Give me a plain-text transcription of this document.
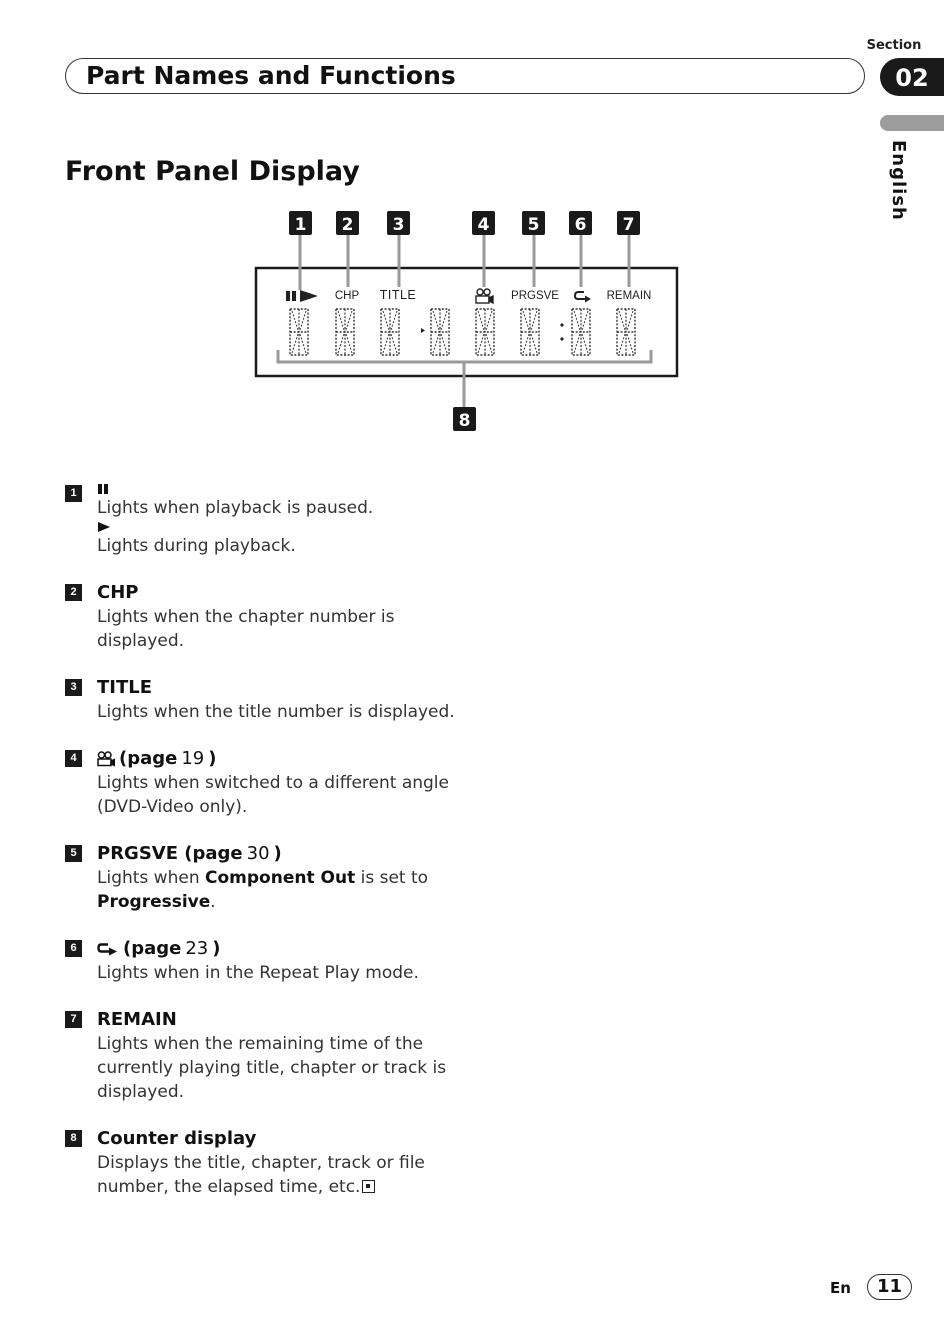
Section
02
Part Names and Functions
English
Front Panel Display
1 2 3	4 5 6 7
8
CHP TITLE	PRGSVE	REMAIN
1
Lights when playback is paused.
Lights during playback.
2	CHP
Lights when the chapter number is displayed.
3	TITLE
Lights when the title number is displayed.
4	(page 19 )
Lights when switched to a different angle (DVD-Video only).
5	PRGSVE (page 30 )
Lights when Component Out is set to
Progressive.
6	(page 23 )
Lights when in the Repeat Play mode.
7	REMAIN
Lights when the remaining time of the currently playing title, chapter or track is displayed.
8	Counter display
Displays the title, chapter, track or file number, the elapsed time, etc.
En	11
